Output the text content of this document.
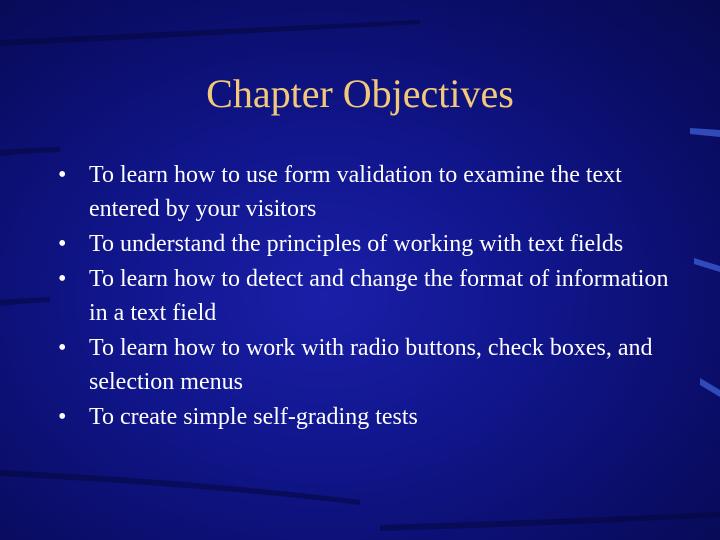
Chapter Objectives
• To learn how to use form validation to examine the text entered by your visitors
• To understand the principles of working with text fields
• To learn how to detect and change the format of information in a text field
• To learn how to work with radio buttons, check boxes, and selection menus
• To create simple self-grading tests
